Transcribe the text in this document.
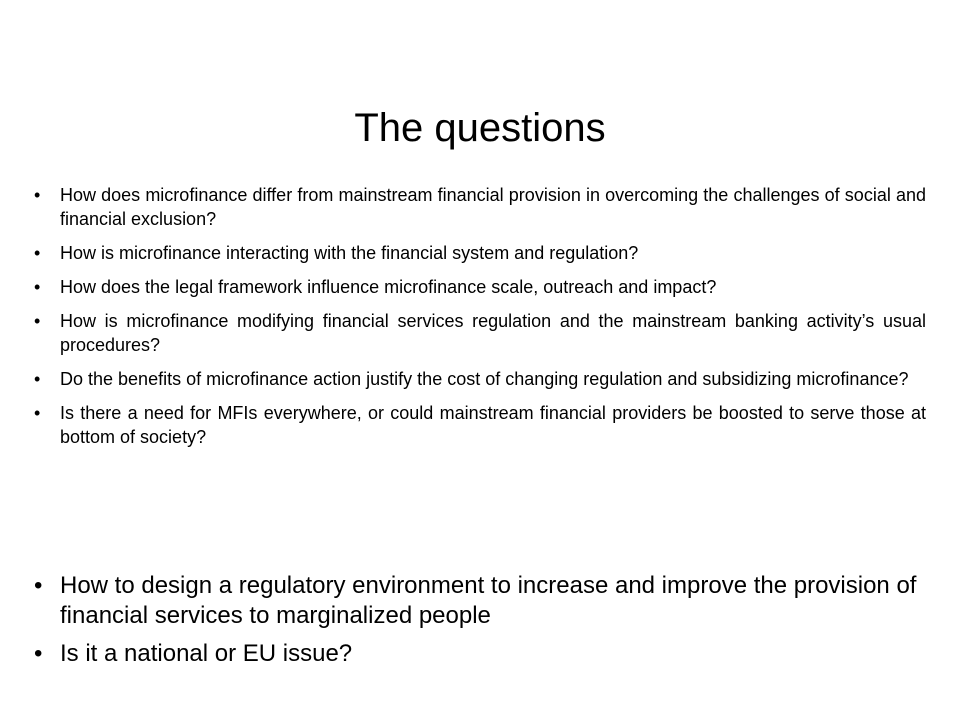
The questions
• How does microfinance differ from mainstream financial provision in overcoming the challenges of social and financial exclusion?
• How is microfinance interacting with the financial system and regulation?
• How does the legal framework influence microfinance scale, outreach and impact?
• How is microfinance modifying financial services regulation and the mainstream banking activity’s usual procedures?
• Do the benefits of microfinance action justify the cost of changing regulation and subsidizing microfinance?
• Is there a need for MFIs everywhere, or could mainstream financial providers be boosted to serve those at bottom of society?
• How to design a regulatory environment to increase and improve the provision of financial services to marginalized people
• Is it a national or EU issue?
